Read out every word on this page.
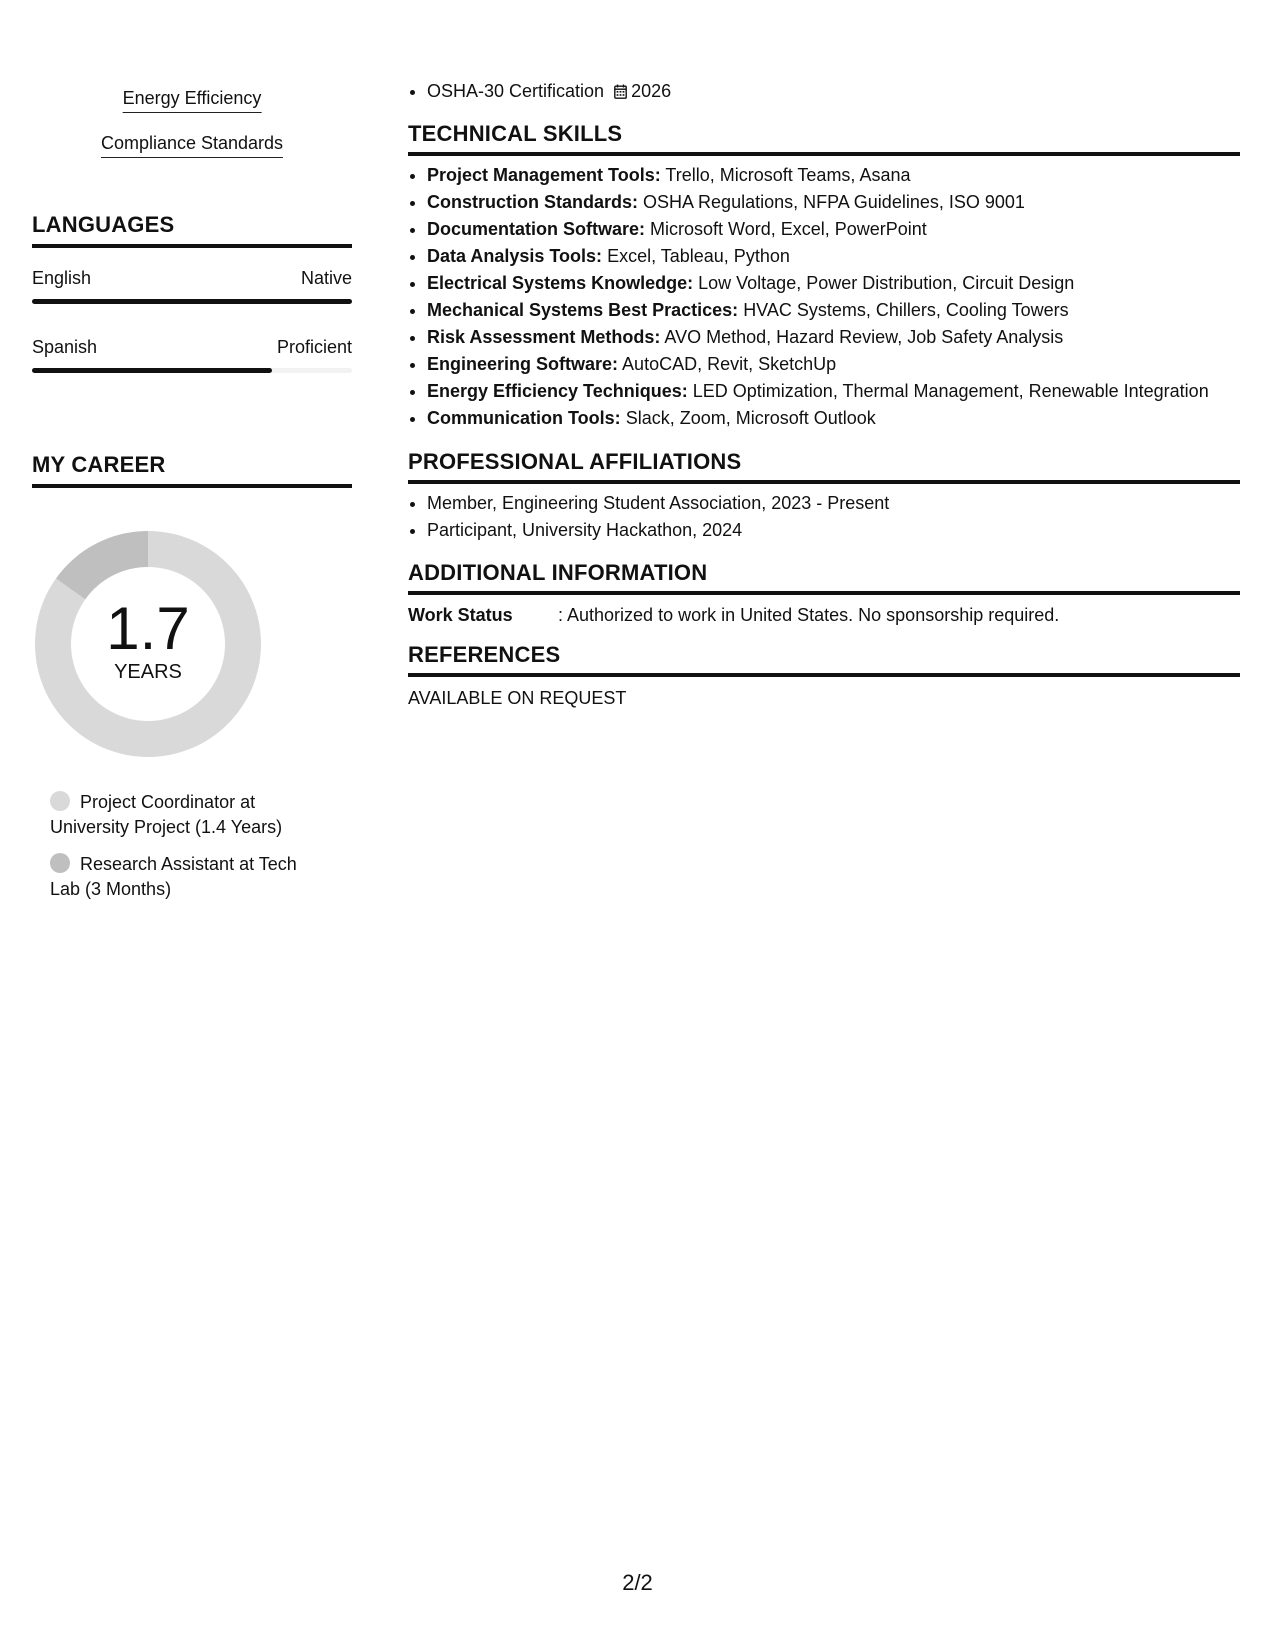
Energy Efficiency
Compliance Standards
LANGUAGES
English	Native
Spanish	Proficient
MY CAREER
1.7
YEARS
Project Coordinator at University Project (1.4 Years)
Research Assistant at Tech Lab (3 Months)
• OSHA-30 Certification 2026
TECHNICAL SKILLS
• Project Management Tools: Trello, Microsoft Teams, Asana
• Construction Standards: OSHA Regulations, NFPA Guidelines, ISO 9001
• Documentation Software: Microsoft Word, Excel, PowerPoint
• Data Analysis Tools: Excel, Tableau, Python
• Electrical Systems Knowledge: Low Voltage, Power Distribution, Circuit Design
• Mechanical Systems Best Practices: HVAC Systems, Chillers, Cooling Towers
• Risk Assessment Methods: AVO Method, Hazard Review, Job Safety Analysis
• Engineering Software: AutoCAD, Revit, SketchUp
• Energy Efficiency Techniques: LED Optimization, Thermal Management, Renewable Integration
• Communication Tools: Slack, Zoom, Microsoft Outlook
PROFESSIONAL AFFILIATIONS
• Member, Engineering Student Association, 2023 - Present
• Participant, University Hackathon, 2024
ADDITIONAL INFORMATION
Work Status	: Authorized to work in United States. No sponsorship required.
REFERENCES
AVAILABLE ON REQUEST
2/2
